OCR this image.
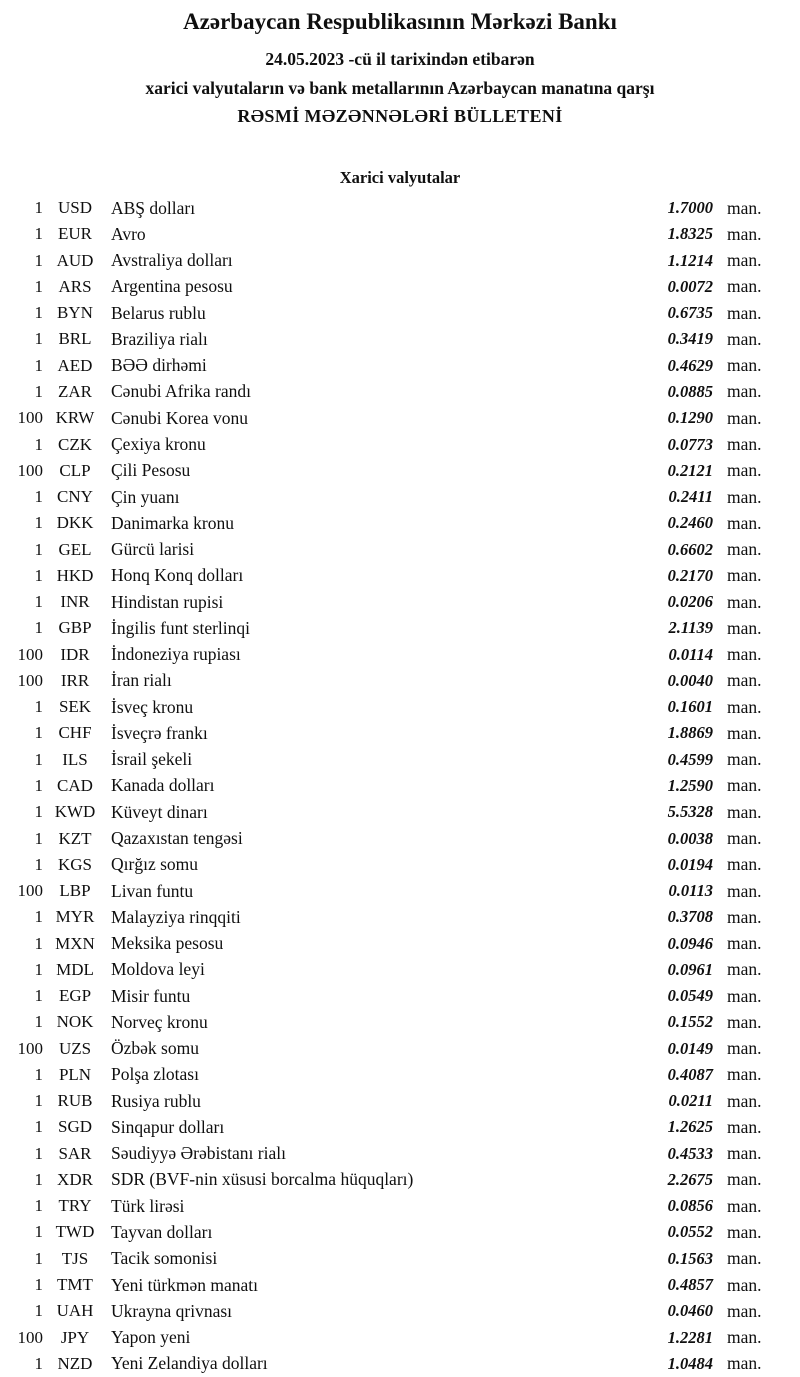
Azərbaycan Respublikasının Mərkəzi Bankı
24.05.2023 -cü il tarixindən etibarən
xarici valyutaların və bank metallarının Azərbaycan manatına qarşı
RƏSMİ MƏZƏNNƏLƏRİ BÜLLETENİ
Xarici valyutalar
1 USD	ABŞ dolları	1.7000 man.
1 EUR	Avro	1.8325 man.
1 AUD	Avstraliya dolları	1.1214 man.
1 ARS	Argentina pesosu	0.0072 man.
1 BYN	Belarus rublu	0.6735 man.
1 BRL	Braziliya rialı	0.3419 man.
1 AED	BƏƏ dirhəmi	0.4629 man.
1 ZAR	Cənubi Afrika randı	0.0885 man.
100 KRW Cənubi Korea vonu	0.1290 man.
1 CZK	Çexiya kronu	0.0773 man.
100 CLP	Çili Pesosu	0.2121 man.
1 CNY	Çin yuanı	0.2411 man.
1 DKK	Danimarka kronu	0.2460 man.
1 GEL	Gürcü larisi	0.6602 man.
1 HKD	Honq Konq dolları	0.2170 man.
1	INR	Hindistan rupisi	0.0206 man.
1 GBP	İngilis funt sterlinqi	2.1139 man.
100	IDR	İndoneziya rupiası	0.0114 man.
100	IRR	İran rialı	0.0040 man.
1 SEK	İsveç kronu	0.1601 man.
1 CHF	İsveçrə frankı	1.8869 man.
1	ILS	İsrail şekeli	0.4599 man.
1 CAD	Kanada dolları	1.2590 man.
1 KWD Küveyt dinarı	5.5328 man.
1 KZT	Qazaxıstan tengəsi	0.0038 man.
1 KGS	Qırğız somu	0.0194 man.
100 LBP	Livan funtu	0.0113 man.
1 MYR Malayziya rinqqiti	0.3708 man.
1 MXN Meksika pesosu	0.0946 man.
1 MDL Moldova leyi	0.0961 man.
1 EGP	Misir funtu	0.0549 man.
1 NOK	Norveç kronu	0.1552 man.
100 UZS	Özbək somu	0.0149 man.
1 PLN	Polşa zlotası	0.4087 man.
1 RUB	Rusiya rublu	0.0211 man.
1 SGD	Sinqapur dolları	1.2625 man.
1 SAR	Səudiyyə Ərəbistanı rialı	0.4533 man.
1 XDR	SDR (BVF-nin xüsusi borcalma hüquqları)	2.2675 man.
1 TRY	Türk lirəsi	0.0856 man.
1 TWD Tayvan dolları	0.0552 man.
1	TJS	Tacik somonisi	0.1563 man.
1 TMT	Yeni türkmən manatı	0.4857 man.
1 UAH	Ukrayna qrivnası	0.0460 man.
100	JPY	Yapon yeni	1.2281 man.
1 NZD	Yeni Zelandiya dolları	1.0484 man.
